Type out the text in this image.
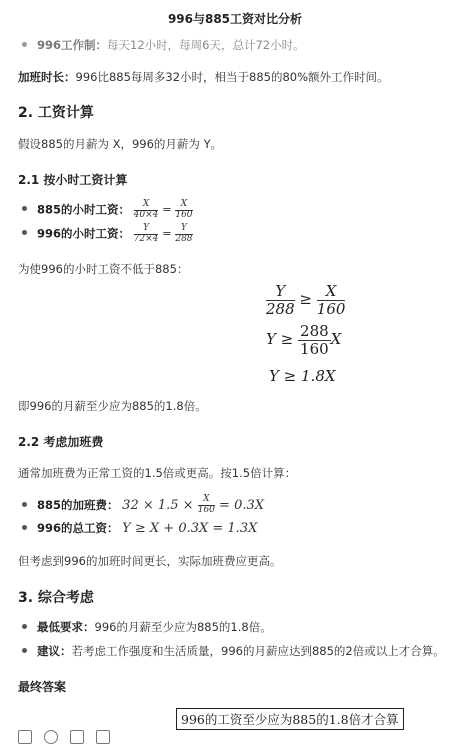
996与885工资对比分析
996工作制：每天12小时，每周6天，总计72小时。
加班时长：996比885每周多32小时，相当于885的80%额外工作时间。
2. 工资计算
假设885的月薪为 X，996的月薪为 Y。
2.1 按小时工资计算
885的小时工资： $\frac{X}{40\times 4} = \frac{X}{160}$
996的小时工资： $\frac{Y}{72\times 4} = \frac{Y}{288}$
为使996的小时工资不低于885：
$\frac{Y}{288} \ge \frac{X}{160}$
$Y \ge \frac{288}{160}$ X
Y ≥ 1.8X
即996的月薪至少应为885的1.8倍。
2.2 考虑加班费
通常加班费为正常工资的1.5倍或更高。按1.5倍计算：
885的加班费： $32 \times 1.5 \times \frac{X}{160} = 0.3X$
996的总工资： Y ≥ X + 0.3X = 1.3X
但考虑到996的加班时间更长，实际加班费应更高。
3. 综合考虑
最低要求：996的月薪至少应为885的1.8倍。
建议：若考虑工作强度和生活质量，996的月薪应达到885的2倍或以上才合算。
最终答案
996的工资至少应为885的1.8倍才合算
